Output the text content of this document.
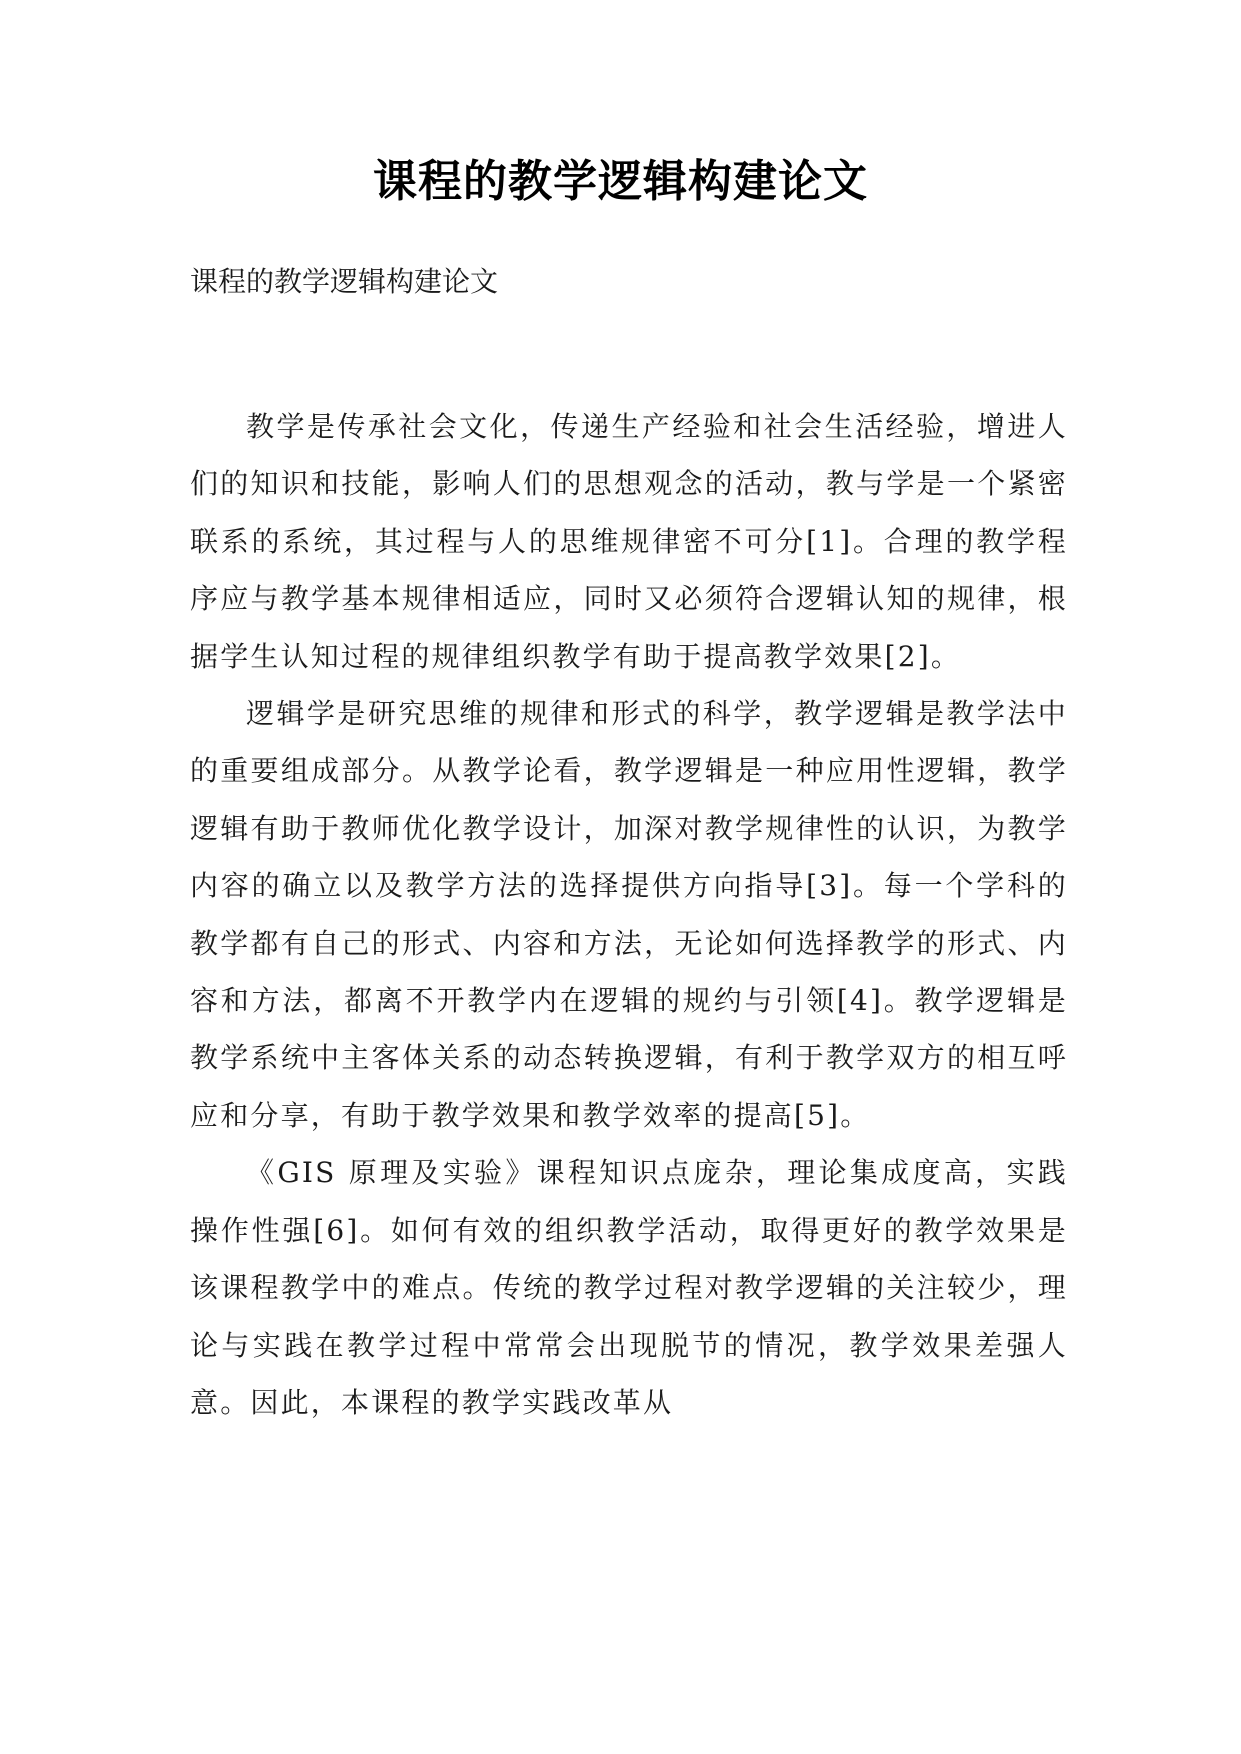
课程的教学逻辑构建论文
课程的教学逻辑构建论文

教学是传承社会文化，传递生产经验和社会生活经验，增进人们的知识和技能，影响人们的思想观念的活动，教与学是一个紧密联系的系统，其过程与人的思维规律密不可分[1]。合理的教学程序应与教学基本规律相适应，同时又必须符合逻辑认知的规律，根据学生认知过程的规律组织教学有助于提高教学效果[2]。

逻辑学是研究思维的规律和形式的科学，教学逻辑是教学法中的重要组成部分。从教学论看，教学逻辑是一种应用性逻辑，教学逻辑有助于教师优化教学设计，加深对教学规律性的认识，为教学内容的确立以及教学方法的选择提供方向指导[3]。每一个学科的教学都有自己的形式、内容和方法，无论如何选择教学的形式、内容和方法，都离不开教学内在逻辑的规约与引领[4]。教学逻辑是教学系统中主客体关系的动态转换逻辑，有利于教学双方的相互呼应和分享，有助于教学效果和教学效率的提高[5]。

《GIS 原理及实验》课程知识点庞杂，理论集成度高，实践操作性强[6]。如何有效的组织教学活动，取得更好的教学效果是该课程教学中的难点。传统的教学过程对教学逻辑的关注较少，理论与实践在教学过程中常常会出现脱节的情况，教学效果差强人意。因此，本课程的教学实践改革从
